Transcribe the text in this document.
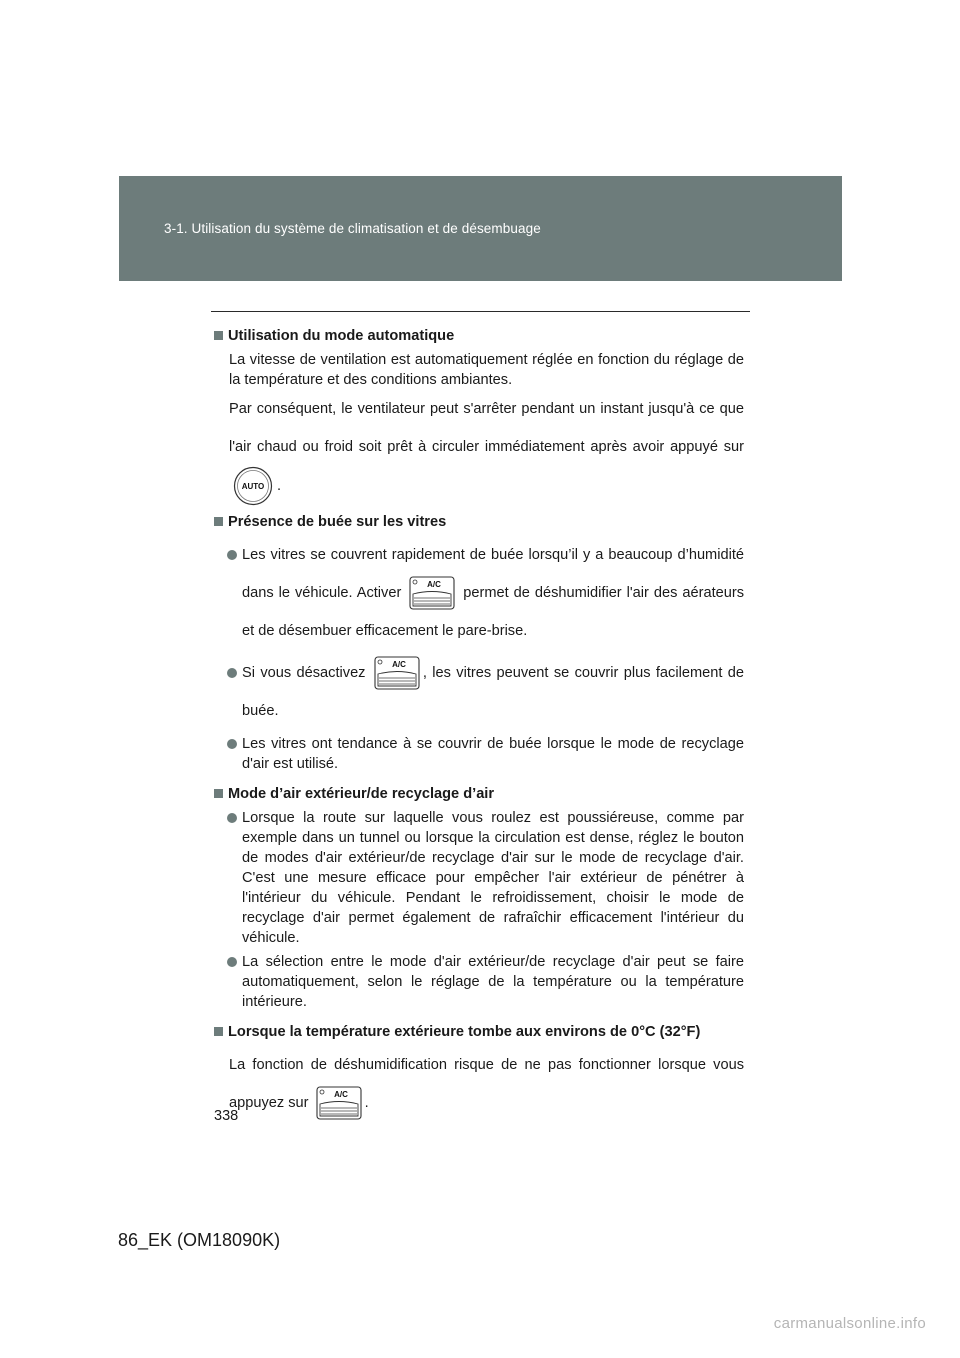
3-1. Utilisation du système de climatisation et de désembuage
Utilisation du mode automatique
La vitesse de ventilation est automatiquement réglée en fonction du réglage de la température et des conditions ambiantes.
Par conséquent, le ventilateur peut s'arrêter pendant un instant jusqu'à ce que l'air chaud ou froid soit prêt à circuler immédiatement après avoir appuyé sur
AUTO .
Présence de buée sur les vitres
Les vitres se couvrent rapidement de buée lorsqu’il y a beaucoup d’humidité dans le véhicule. Activer
A/C
permet de déshumidifier l'air des aérateurs et de désembuer efficacement le pare-brise.
Si vous désactivez
A/C
, les vitres peuvent se couvrir plus facilement de buée.
Les vitres ont tendance à se couvrir de buée lorsque le mode de recyclage d'air est utilisé.
Mode d’air extérieur/de recyclage d’air
Lorsque la route sur laquelle vous roulez est poussiéreuse, comme par exemple dans un tunnel ou lorsque la circulation est dense, réglez le bouton de modes d'air extérieur/de recyclage d'air sur le mode de recyclage d'air. C'est une mesure efficace pour empêcher l'air extérieur de pénétrer à l'intérieur du véhicule. Pendant le refroidissement, choisir le mode de recyclage d'air permet également de rafraîchir efficacement l'intérieur du véhicule.
La sélection entre le mode d'air extérieur/de recyclage d'air peut se faire automatiquement, selon le réglage de la température ou la température intérieure.
Lorsque la température extérieure tombe aux environs de 0°C (32°F)
La fonction de déshumidification risque de ne pas fonctionner lorsque vous appuyez sur
A/C
.
338
86_EK (OM18090K)
carmanualsonline.info
